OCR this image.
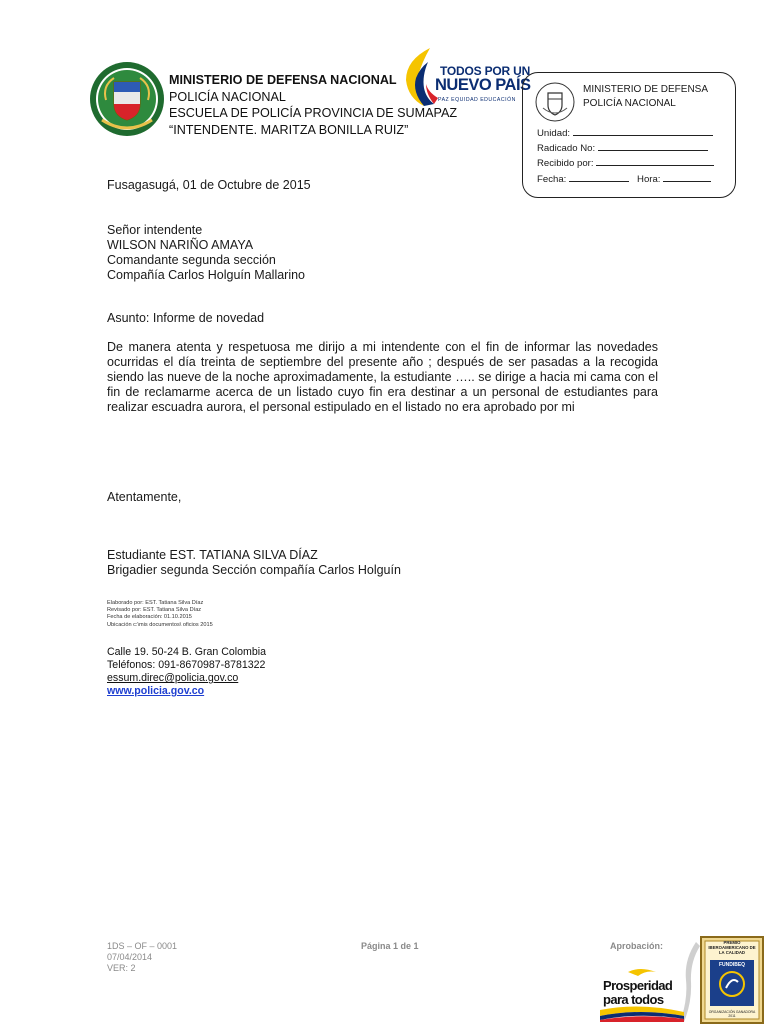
MINISTERIO DE DEFENSA NACIONAL
POLICÍA NACIONAL
ESCUELA DE POLICÍA PROVINCIA DE SUMAPAZ
“INTENDENTE. MARITZA BONILLA RUIZ”
TODOS POR UN
NUEVO PAÍS
PAZ EQUIDAD EDUCACIÓN
MINISTERIO DE DEFENSA
POLICÍA NACIONAL
Unidad:
Radicado No:
Recibido por:
Fecha:	Hora:
Fusagasugá, 01 de Octubre de 2015
Señor intendente
WILSON NARIÑO AMAYA
Comandante segunda sección
Compañía Carlos Holguín Mallarino
Asunto: Informe de novedad
De manera atenta y respetuosa me dirijo a mi intendente con el fin de informar las novedades ocurridas el día treinta de septiembre del presente año ; después de ser pasadas a la recogida siendo las nueve de la noche aproximadamente, la estudiante ….. se dirige a hacia mi cama con el fin de reclamarme acerca de un listado cuyo fin era destinar a un personal de estudiantes para realizar escuadra aurora, el personal estipulado en el listado no era aprobado por mi
Atentamente,
Estudiante EST. TATIANA SILVA DÍAZ
Brigadier segunda Sección compañía Carlos Holguín
Elaborado por: EST. Tatiana Silva Díaz
Revisado por: EST. Tatiana Silva Díaz
Fecha de elaboración: 01.10.2015
Ubicación c:\mis documentos\ oficios 2015
Calle 19. 50-24 B. Gran Colombia
Teléfonos: 091-8670987-8781322
essum.direc@policia.gov.co
www.policia.gov.co
1DS – OF – 0001
07/04/2014
VER: 2
Página 1 de 1	Aprobación:
Prosperidad
para todos
PREMIO IBEROAMERICANO DE LA CALIDAD
FUNDIBEQ
ORGANIZACIÓN GANADORA 2011
